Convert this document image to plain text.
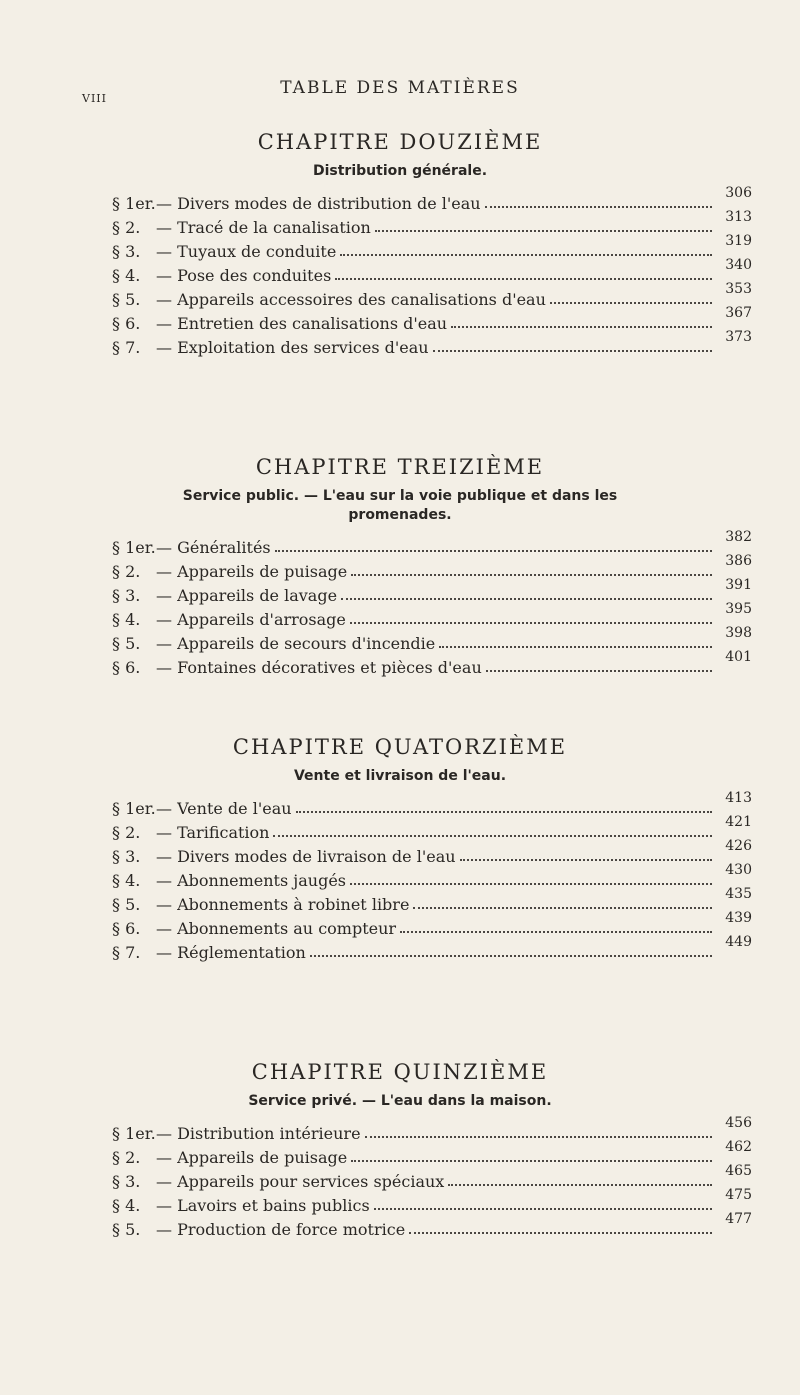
VIII
TABLE DES MATIÈRES
CHAPITRE DOUZIÈME
Distribution générale.
§ 1er. — Divers modes de distribution de l'eau
§ 2. — Tracé de la canalisation
§ 3. — Tuyaux de conduite
§ 4. — Pose des conduites
§ 5. — Appareils accessoires des canalisations d'eau
§ 6. — Entretien des canalisations d'eau
§ 7. — Exploitation des services d'eau
306
313
319
340
353
367
373
CHAPITRE TREIZIÈME
Service public. — L'eau sur la voie publique et dans les promenades.
§ 1er. — Généralités
§ 2. — Appareils de puisage
§ 3. — Appareils de lavage
§ 4. — Appareils d'arrosage
§ 5. — Appareils de secours d'incendie
§ 6. — Fontaines décoratives et pièces d'eau
382
386
391
395
398
401
CHAPITRE QUATORZIÈME
Vente et livraison de l'eau.
§ 1er. — Vente de l'eau
§ 2. — Tarification
§ 3. — Divers modes de livraison de l'eau
§ 4. — Abonnements jaugés
§ 5. — Abonnements à robinet libre
§ 6. — Abonnements au compteur
§ 7. — Réglementation
413
421
426
430
435
439
449
CHAPITRE QUINZIÈME
Service privé. — L'eau dans la maison.
§ 1er. — Distribution intérieure
§ 2. — Appareils de puisage
§ 3. — Appareils pour services spéciaux
§ 4. — Lavoirs et bains publics
§ 5. — Production de force motrice
456
462
465
475
477
